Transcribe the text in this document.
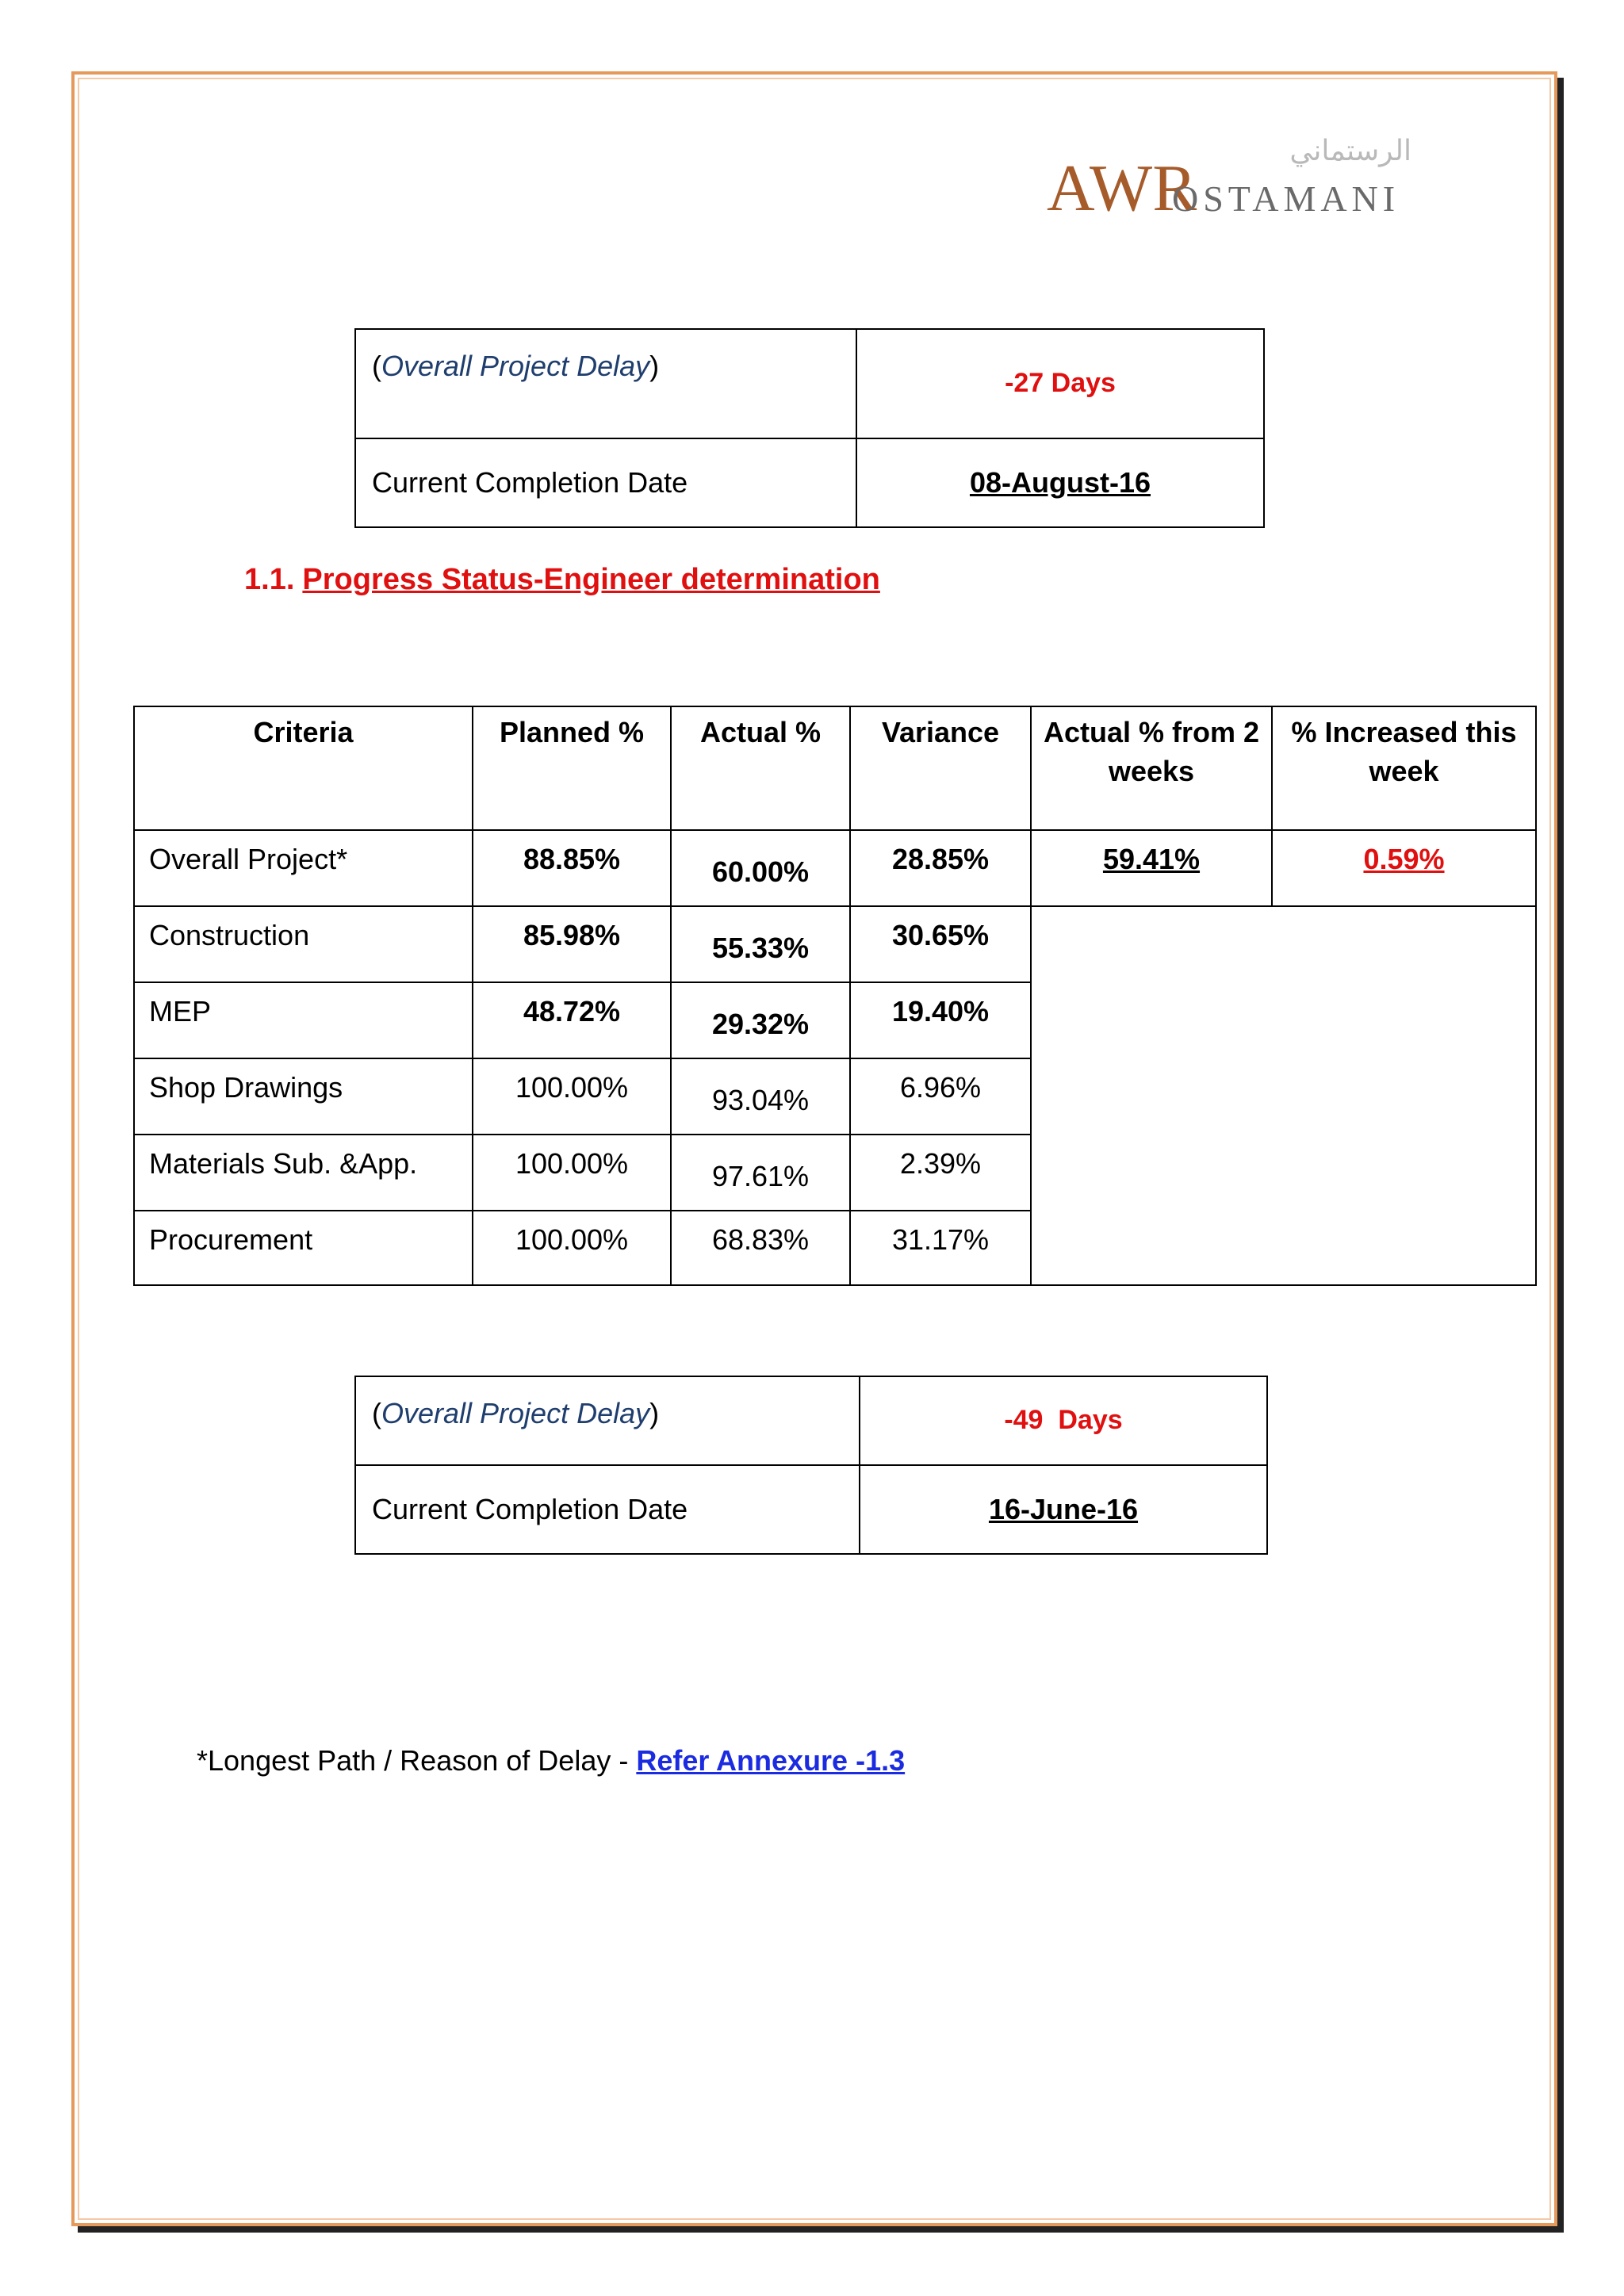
الرستماني
AWR
OSTAMANI
(Overall Project Delay)	-27 Days
Current Completion Date	08-August-16
1.1. Progress Status-Engineer determination
Criteria	Planned %	Actual %	Variance	Actual % from 2 weeks	% Increased this week
Overall Project*	88.85%	60.00%	28.85%	59.41%	0.59%
Construction	85.98%	55.33%	30.65%		
MEP	48.72%	29.32%	19.40%		
Shop Drawings	100.00%	93.04%	6.96%		
Materials Sub. &App.	100.00%	97.61%	2.39%		
Procurement	100.00%	68.83%	31.17%		
(Overall Project Delay)	-49  Days
Current Completion Date	16-June-16
*Longest Path / Reason of Delay - Refer Annexure -1.3
